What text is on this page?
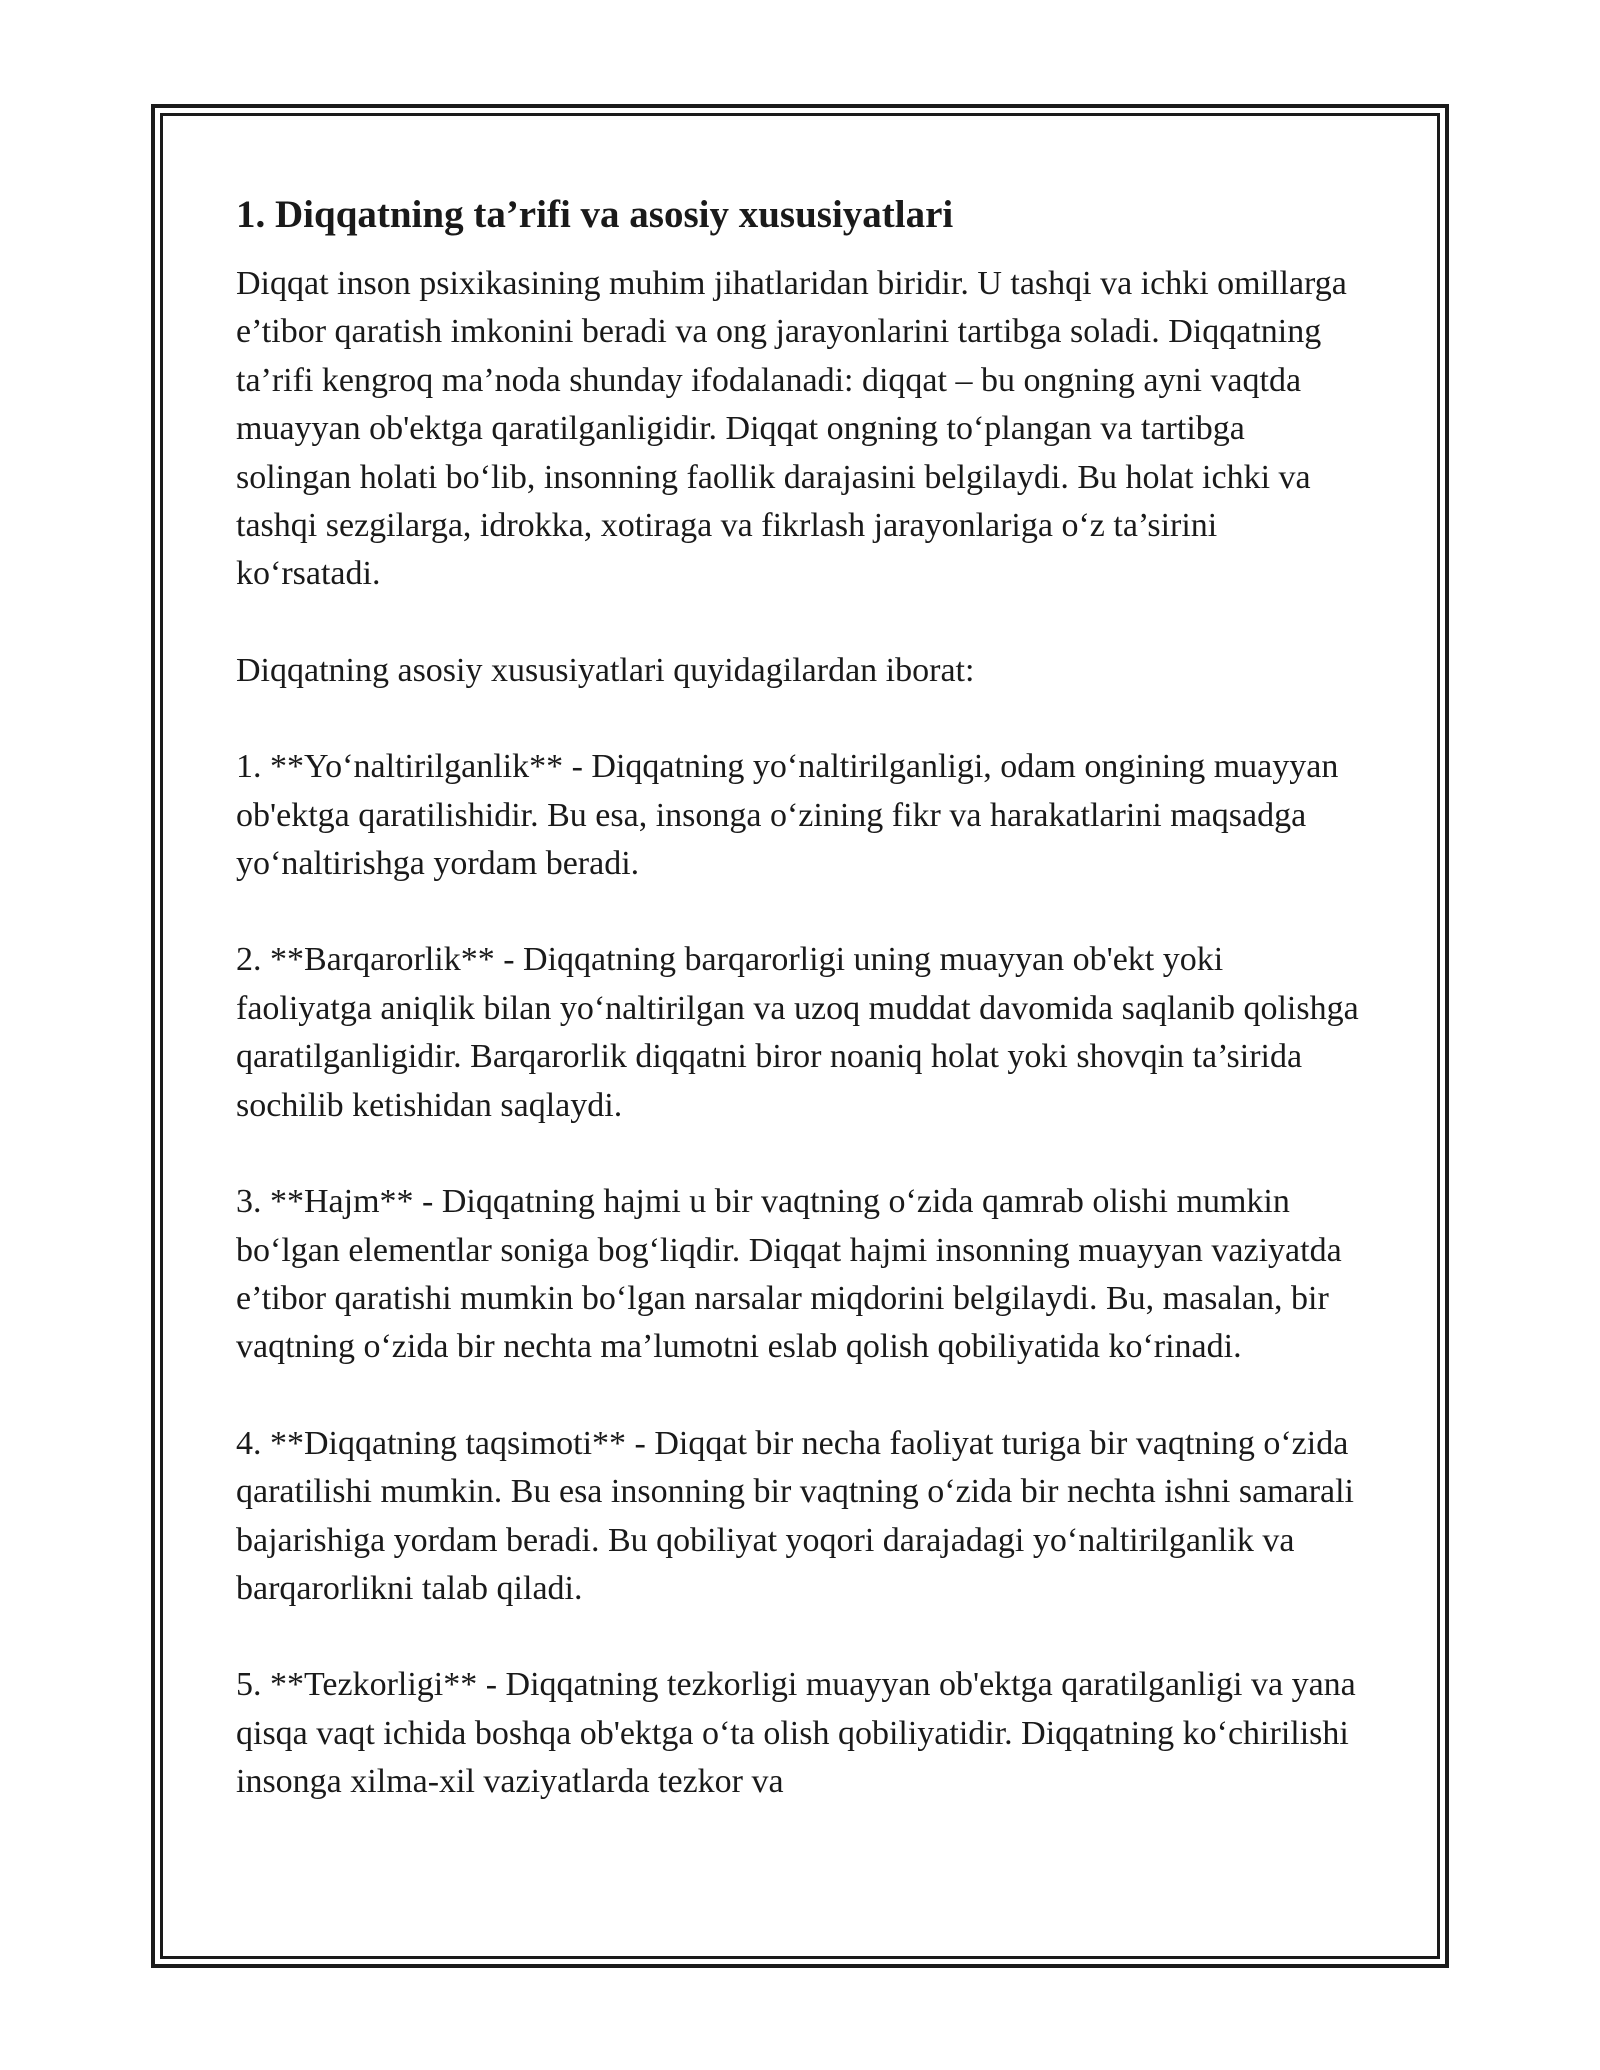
1. Diqqatning ta’rifi va asosiy xususiyatlari

Diqqat inson psixikasining muhim jihatlaridan biridir. U tashqi va ichki omillarga e’tibor qaratish imkonini beradi va ong jarayonlarini tartibga soladi. Diqqatning ta’rifi kengroq ma’noda shunday ifodalanadi: diqqat – bu ongning ayni vaqtda muayyan ob'ektga qaratilganligidir. Diqqat ongning to‘plangan va tartibga solingan holati bo‘lib, insonning faollik darajasini belgilaydi. Bu holat ichki va tashqi sezgilarga, idrokka, xotiraga va fikrlash jarayonlariga o‘z ta’sirini ko‘rsatadi.

Diqqatning asosiy xususiyatlari quyidagilardan iborat:

1. **Yo‘naltirilganlik** - Diqqatning yo‘naltirilganligi, odam ongining muayyan ob'ektga qaratilishidir. Bu esa, insonga o‘zining fikr va harakatlarini maqsadga yo‘naltirishga yordam beradi.

2. **Barqarorlik** - Diqqatning barqarorligi uning muayyan ob'ekt yoki faoliyatga aniqlik bilan yo‘naltirilgan va uzoq muddat davomida saqlanib qolishga qaratilganligidir. Barqarorlik diqqatni biror noaniq holat yoki shovqin ta’sirida sochilib ketishidan saqlaydi.

3. **Hajm** - Diqqatning hajmi u bir vaqtning o‘zida qamrab olishi mumkin bo‘lgan elementlar soniga bog‘liqdir. Diqqat hajmi insonning muayyan vaziyatda e’tibor qaratishi mumkin bo‘lgan narsalar miqdorini belgilaydi. Bu, masalan, bir vaqtning o‘zida bir nechta ma’lumotni eslab qolish qobiliyatida ko‘rinadi.

4. **Diqqatning taqsimoti** - Diqqat bir necha faoliyat turiga bir vaqtning o‘zida qaratilishi mumkin. Bu esa insonning bir vaqtning o‘zida bir nechta ishni samarali bajarishiga yordam beradi. Bu qobiliyat yoqori darajadagi yo‘naltirilganlik va barqarorlikni talab qiladi.

5. **Tezkorligi** - Diqqatning tezkorligi muayyan ob'ektga qaratilganligi va yana qisqa vaqt ichida boshqa ob'ektga o‘ta olish qobiliyatidir. Diqqatning ko‘chirilishi insonga xilma-xil vaziyatlarda tezkor va
